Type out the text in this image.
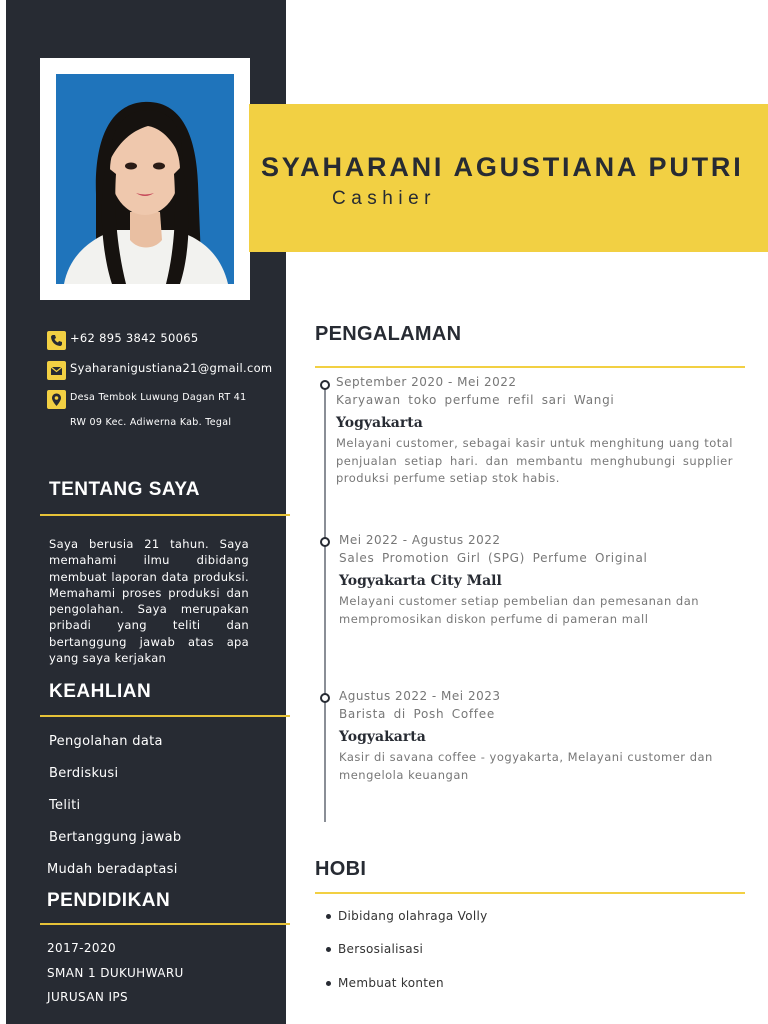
+62 895 3842 50065
Syaharanigustiana21@gmail.com
Desa Tembok Luwung Dagan RT 41
RW 09 Kec. Adiwerna Kab. Tegal
TENTANG SAYA
Saya berusia 21 tahun. Saya memahami ilmu dibidang membuat laporan data produksi. Memahami proses produksi dan pengolahan. Saya merupakan pribadi yang teliti dan bertanggung jawab atas apa yang saya kerjakan
KEAHLIAN
Pengolahan data
Berdiskusi
Teliti
Bertanggung jawab
Mudah beradaptasi
PENDIDIKAN
2017-2020
SMAN 1 DUKUHWARU
JURUSAN IPS
SYAHARANI AGUSTIANA PUTRI
Cashier
PENGALAMAN
September 2020 - Mei 2022
Karyawan toko perfume refil sari Wangi
Yogyakarta
Melayani customer, sebagai kasir untuk menghitung uang total penjualan setiap hari. dan membantu menghubungi supplier produksi perfume setiap stok habis.
Mei 2022 - Agustus 2022
Sales Promotion Girl (SPG) Perfume Original
Yogyakarta City Mall
Melayani customer setiap pembelian dan pemesanan dan mempromosikan diskon perfume di pameran mall
Agustus 2022 - Mei 2023
Barista di Posh Coffee
Yogyakarta
Kasir di savana coffee - yogyakarta, Melayani customer dan mengelola keuangan
HOBI
Dibidang olahraga Volly
Bersosialisasi
Membuat konten
